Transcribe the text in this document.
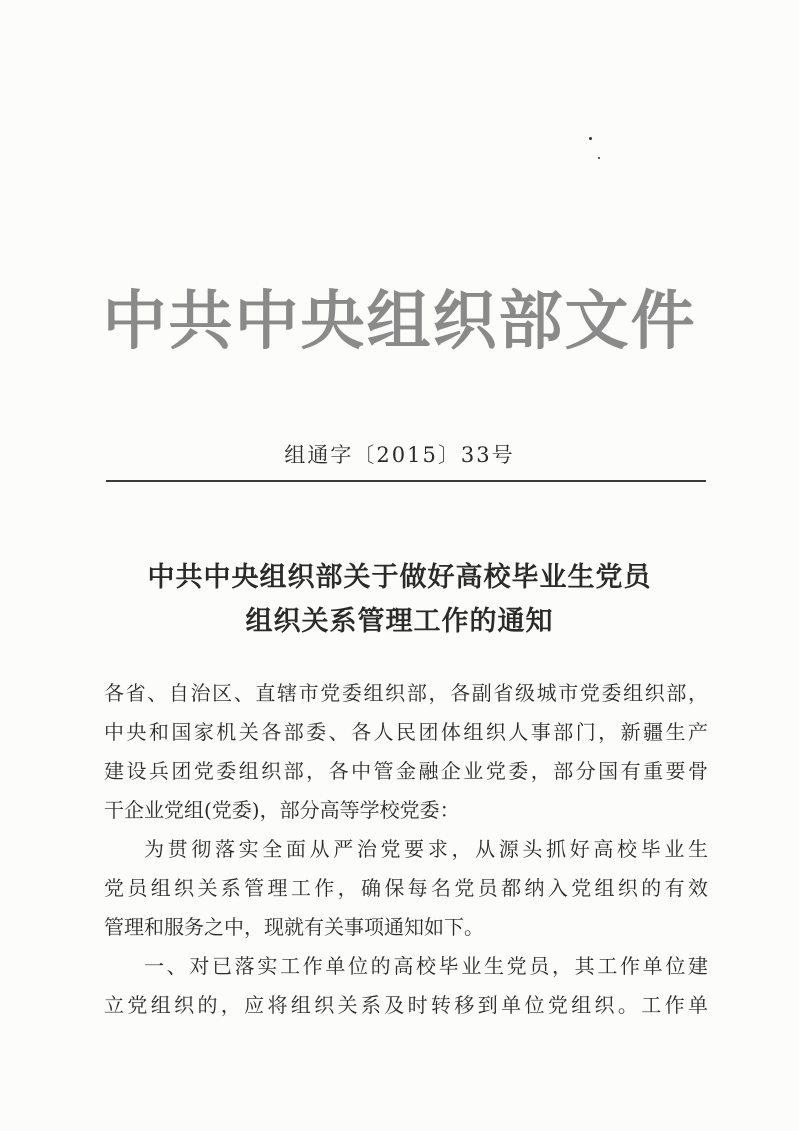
中共中央组织部文件
组通字〔2015〕33号
中共中央组织部关于做好高校毕业生党员
组织关系管理工作的通知
各省、自治区、直辖市党委组织部，各副省级城市党委组织部，
中央和国家机关各部委、各人民团体组织人事部门，新疆生产
建设兵团党委组织部，各中管金融企业党委，部分国有重要骨
干企业党组(党委)，部分高等学校党委：
为贯彻落实全面从严治党要求，从源头抓好高校毕业生
党员组织关系管理工作，确保每名党员都纳入党组织的有效
管理和服务之中，现就有关事项通知如下。
一、对已落实工作单位的高校毕业生党员，其工作单位建
立党组织的，应将组织关系及时转移到单位党组织。工作单
